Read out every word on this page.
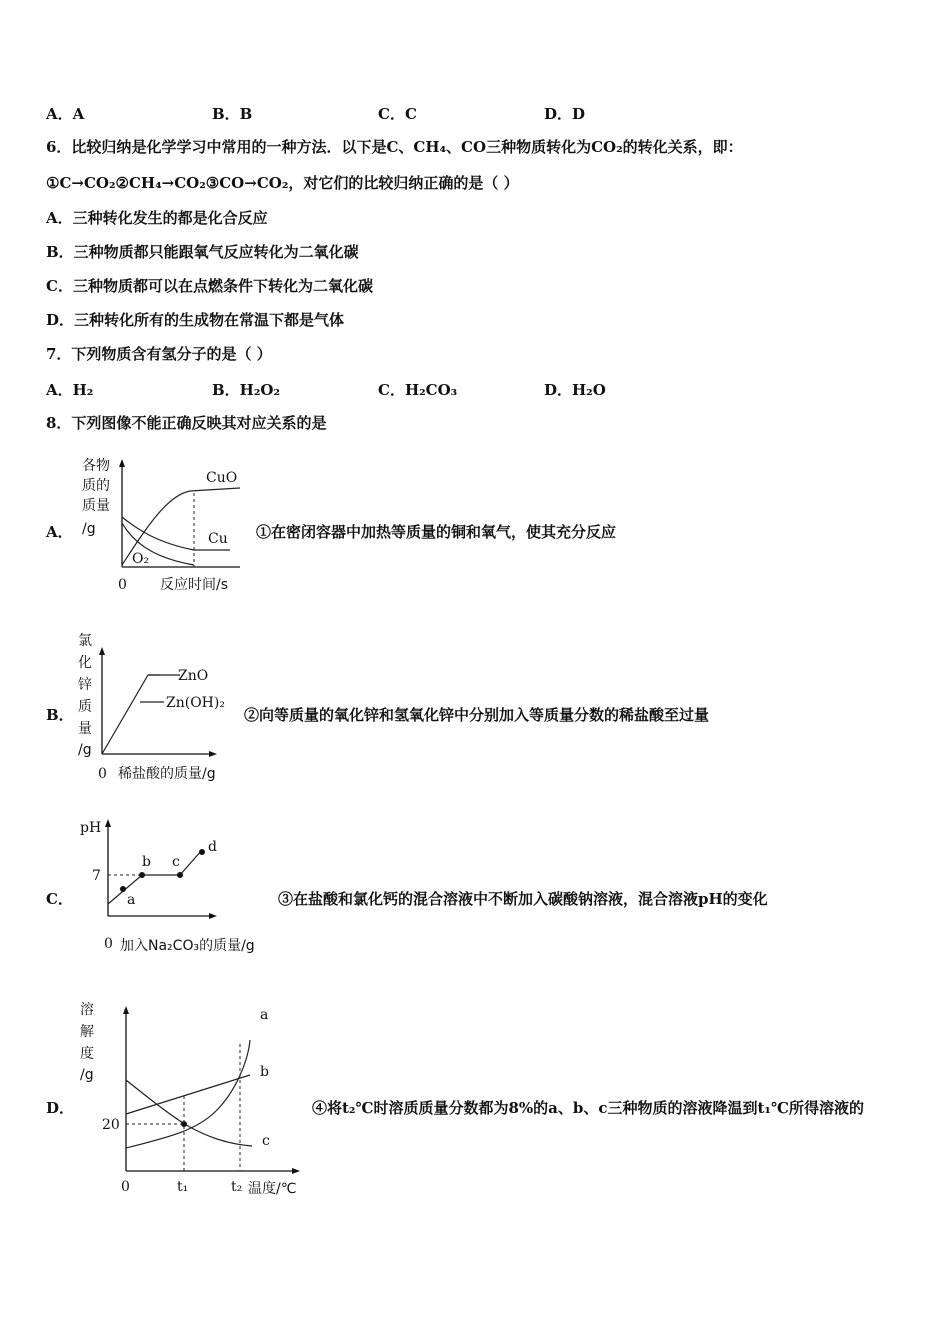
A．A	B．B	C．C	D．D
6．比较归纳是化学学习中常用的一种方法．以下是C、CH₄、CO三种物质转化为CO₂的转化关系，即：
①C→CO₂②CH₄→CO₂③CO→CO₂，对它们的比较归纳正确的是（ ）
A．三种转化发生的都是化合反应
B．三种物质都只能跟氧气反应转化为二氧化碳
C．三种物质都可以在点燃条件下转化为二氧化碳
D．三种转化所有的生成物在常温下都是气体
7．下列物质含有氢分子的是（ ）
A．H₂	B．H₂O₂	C．H₂CO₃	D．H₂O
8．下列图像不能正确反映其对应关系的是
A．
各物
质的
质量
/g
CuO
Cu
O₂
0 反应时间/s
①在密闭容器中加热等质量的铜和氧气，使其充分反应
B．
氯
化
锌
质
量
/g
ZnO
Zn(OH)₂
0 稀盐酸的质量/g
②向等质量的氧化锌和氢氧化锌中分别加入等质量分数的稀盐酸至过量
C．
pH
a
b c
d
7
0 加入Na₂CO₃的质量/g
③在盐酸和氯化钙的混合溶液中不断加入碳酸钠溶液，混合溶液pH的变化
D．
溶
解
度
/g
a
b
c
20
0	t₁	t₂ 温度/℃
④将t₂℃时溶质质量分数都为8%的a、b、c三种物质的溶液降温到t₁℃所得溶液的
